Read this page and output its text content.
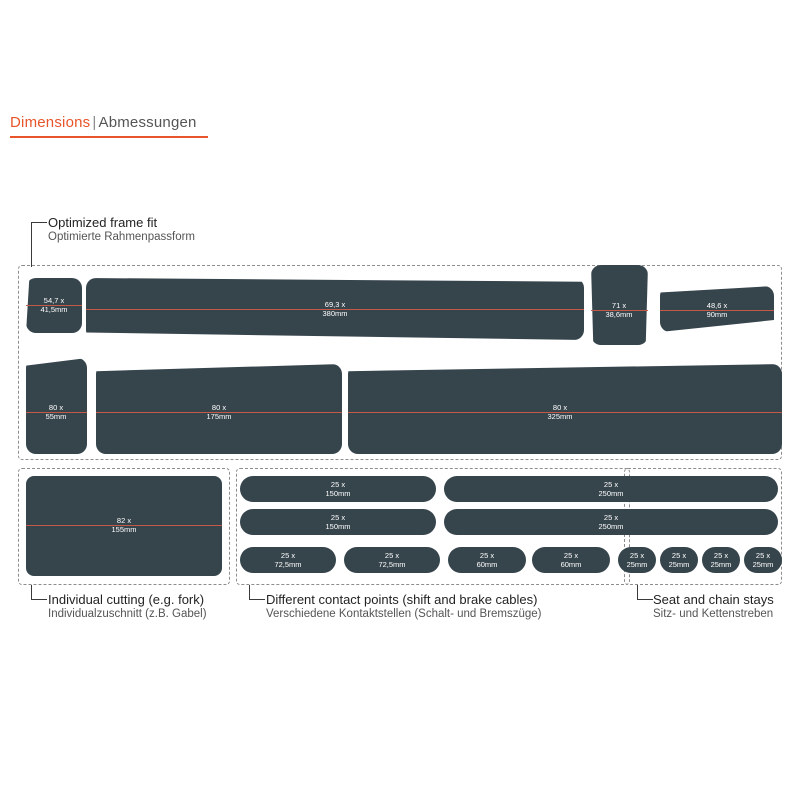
Dimensions | Abmessungen
Optimized frame fit
Optimierte Rahmenpassform
54,7 x
41,5mm
69,3 x
380mm
71 x
38,6mm
48,6 x
90mm
80 x
55mm
80 x
175mm
80 x
325mm
82 x
155mm
25 x
150mm
25 x
250mm
25 x
150mm
25 x
250mm
25 x
72,5mm
25 x
72,5mm
25 x
60mm
25 x
60mm
25 x
25mm
25 x
25mm
25 x
25mm
25 x
25mm
Individual cutting (e.g. fork)
Individualzuschnitt (z.B. Gabel)
Different contact points (shift and brake cables)
Verschiedene Kontaktstellen (Schalt- und Bremszüge)
Seat and chain stays
Sitz- und Kettenstreben
